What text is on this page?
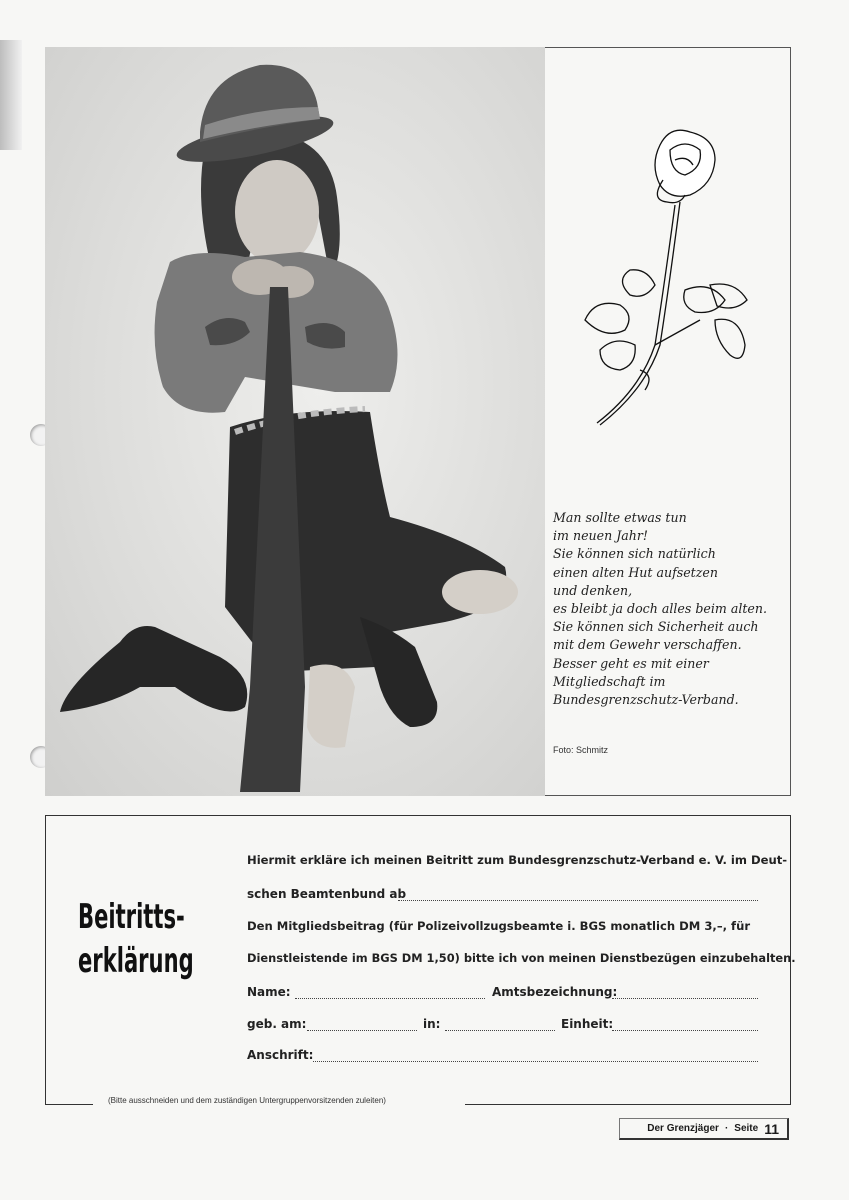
Man sollte etwas tun
im neuen Jahr!
Sie können sich natürlich
einen alten Hut aufsetzen
und denken,
es bleibt ja doch alles beim alten.
Sie können sich Sicherheit auch
mit dem Gewehr verschaffen.
Besser geht es mit einer
Mitgliedschaft im
Bundesgrenzschutz-Verband.
Foto: Schmitz
Beitritts-
erklärung
Hiermit erkläre ich meinen Beitritt zum Bundesgrenzschutz-Verband e. V. im Deut-
schen Beamtenbund ab
Den Mitgliedsbeitrag (für Polizeivollzugsbeamte i. BGS monatlich DM 3,–, für
Dienstleistende im BGS DM 1,50) bitte ich von meinen Dienstbezügen einzubehalten.
Name:	Amtsbezeichnung:
geb. am:	in:	Einheit:
Anschrift:
(Bitte ausschneiden und dem zuständigen Untergruppenvorsitzenden zuleiten)
Der Grenzjäger · Seite 11
